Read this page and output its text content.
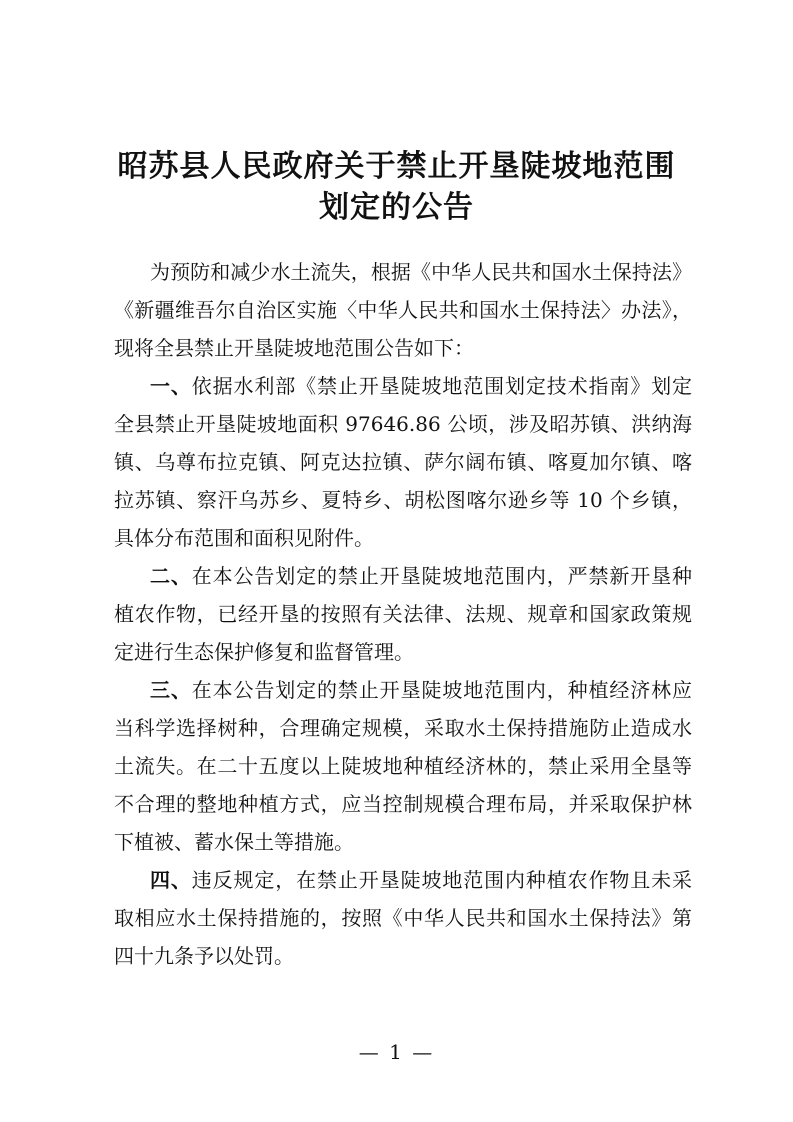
昭苏县人民政府关于禁止开垦陡坡地范围
划定的公告
为预防和减少水土流失，根据《中华人民共和国水土保持法》
《新疆维吾尔自治区实施〈中华人民共和国水土保持法〉办法》，
现将全县禁止开垦陡坡地范围公告如下：
一、依据水利部《禁止开垦陡坡地范围划定技术指南》划定
全县禁止开垦陡坡地面积 97646.86 公顷，涉及昭苏镇、洪纳海
镇、乌尊布拉克镇、阿克达拉镇、萨尔阔布镇、喀夏加尔镇、喀
拉苏镇、察汗乌苏乡、夏特乡、胡松图喀尔逊乡等 10 个乡镇，
具体分布范围和面积见附件。
二、在本公告划定的禁止开垦陡坡地范围内，严禁新开垦种
植农作物，已经开垦的按照有关法律、法规、规章和国家政策规
定进行生态保护修复和监督管理。
三、在本公告划定的禁止开垦陡坡地范围内，种植经济林应
当科学选择树种，合理确定规模，采取水土保持措施防止造成水
土流失。在二十五度以上陡坡地种植经济林的，禁止采用全垦等
不合理的整地种植方式，应当控制规模合理布局，并采取保护林
下植被、蓄水保土等措施。
四、违反规定，在禁止开垦陡坡地范围内种植农作物且未采
取相应水土保持措施的，按照《中华人民共和国水土保持法》第
四十九条予以处罚。
— 1 —
